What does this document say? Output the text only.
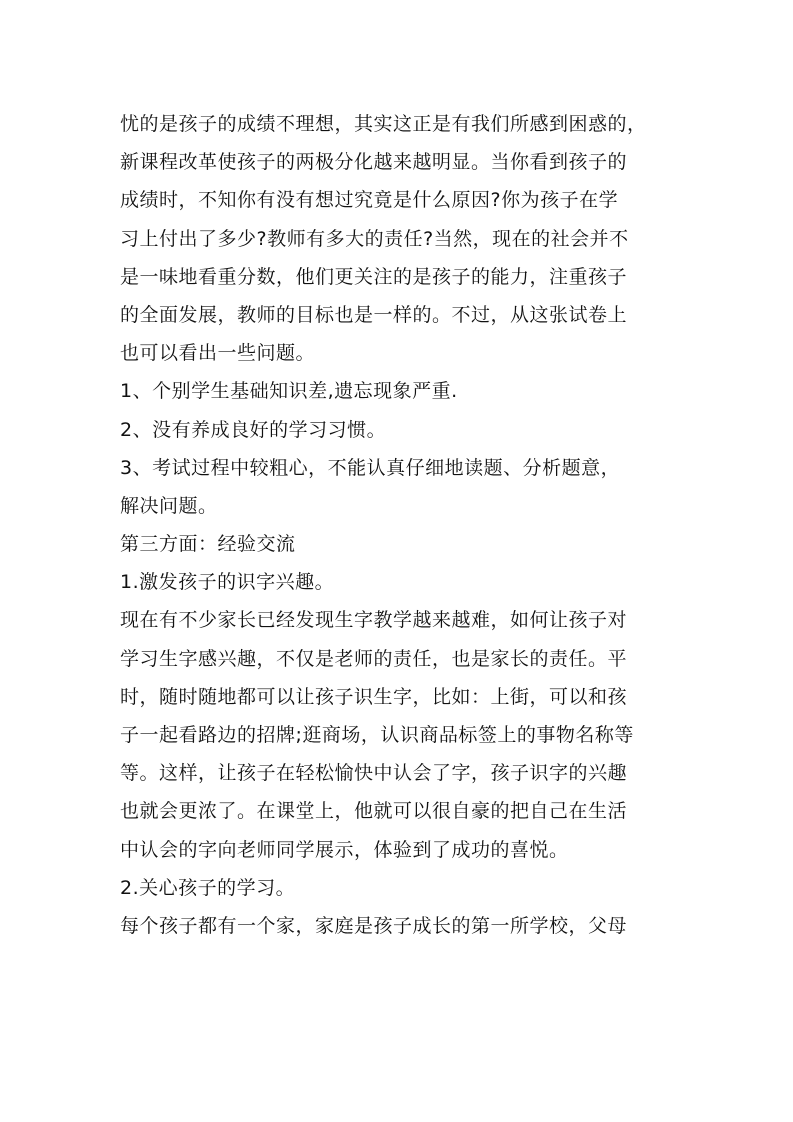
忧的是孩子的成绩不理想，其实这正是有我们所感到困惑的，
新课程改革使孩子的两极分化越来越明显。当你看到孩子的
成绩时，不知你有没有想过究竟是什么原因?你为孩子在学
习上付出了多少?教师有多大的责任?当然，现在的社会并不
是一味地看重分数，他们更关注的是孩子的能力，注重孩子
的全面发展，教师的目标也是一样的。不过，从这张试卷上
也可以看出一些问题。
1、个别学生基础知识差,遗忘现象严重.
2、没有养成良好的学习习惯。
3、考试过程中较粗心，不能认真仔细地读题、分析题意，
解决问题。
第三方面：经验交流
1.激发孩子的识字兴趣。
现在有不少家长已经发现生字教学越来越难，如何让孩子对
学习生字感兴趣，不仅是老师的责任，也是家长的责任。平
时，随时随地都可以让孩子识生字，比如：上街，可以和孩
子一起看路边的招牌;逛商场，认识商品标签上的事物名称等
等。这样，让孩子在轻松愉快中认会了字，孩子识字的兴趣
也就会更浓了。在课堂上，他就可以很自豪的把自己在生活
中认会的字向老师同学展示，体验到了成功的喜悦。
2.关心孩子的学习。
每个孩子都有一个家，家庭是孩子成长的第一所学校，父母
